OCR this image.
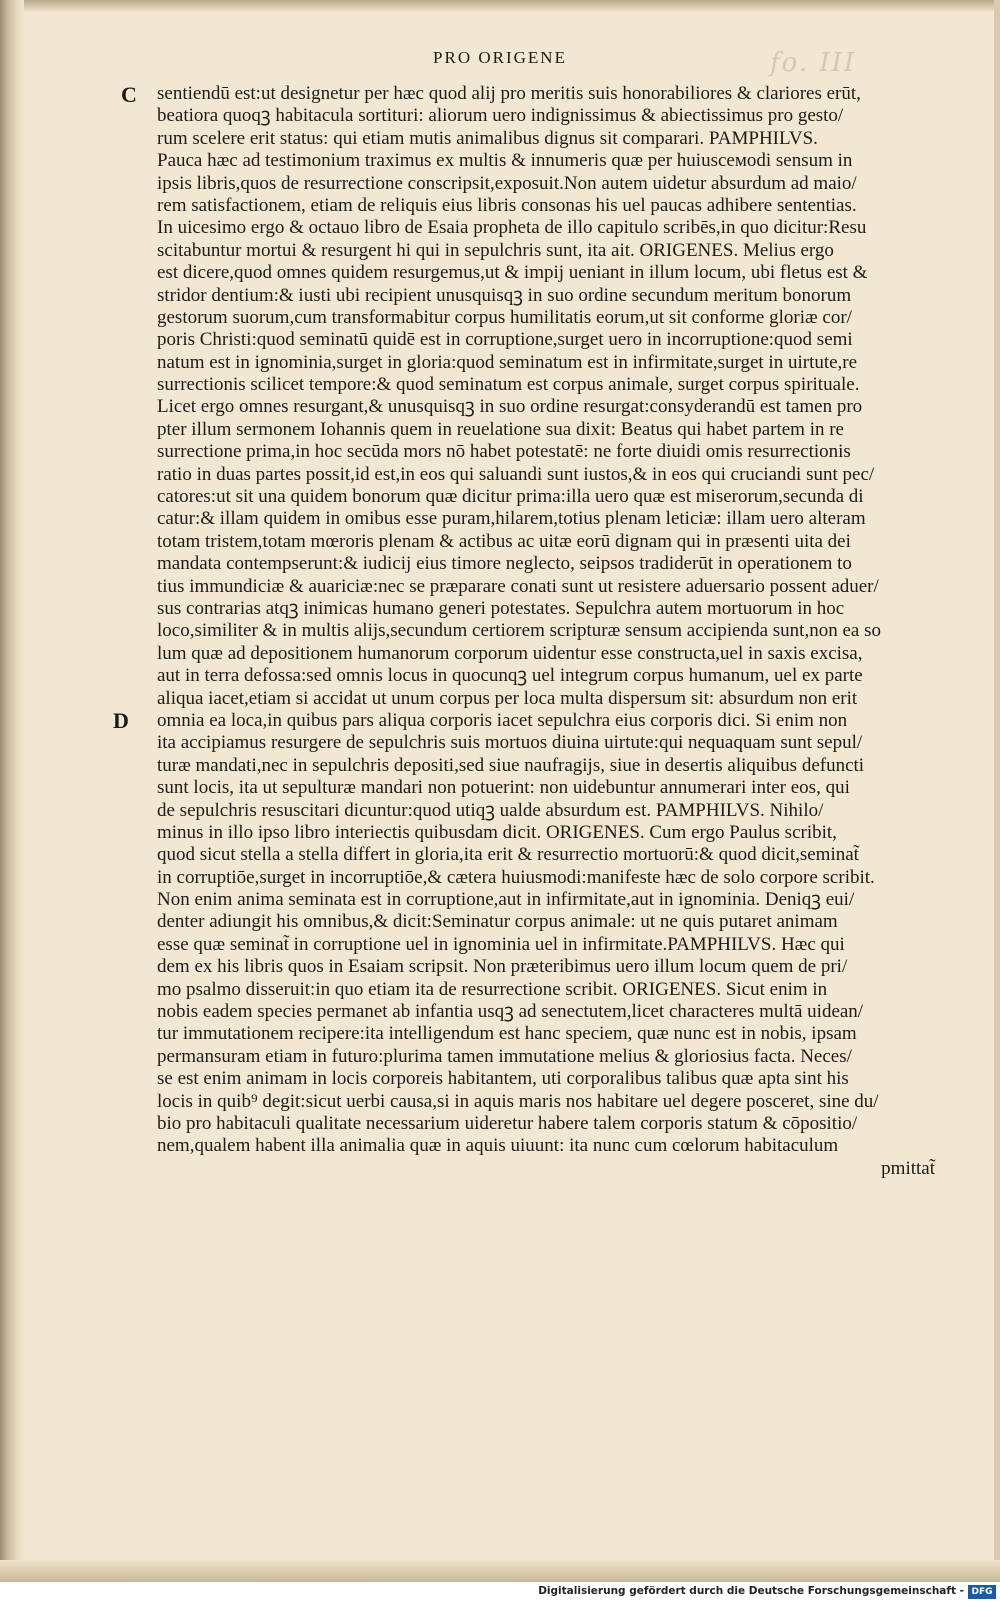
fo. III
PRO ORIGENE
C
D
sentiendū est:ut designetur per hæc quod alij pro meritis suis honorabiliores & clariores erūt,
beatiora quoqꝫ habitacula sortituri: aliorum uero indignissimus & abiectissimus pro gesto/
rum scelere erit status: qui etiam mutis animalibus dignus sit comparari. PAMPHILVS.
Pauca hæc ad testimonium traximus ex multis & innumeris quæ per huiusceмodi sensum in
ipsis libris,quos de resurrectione conscripsit,exposuit.Non autem uidetur absurdum ad maio/
rem satisfactionem, etiam de reliquis eius libris consonas his uel paucas adhibere sententias.
In uicesimo ergo & octauo libro de Esaia propheta de illo capitulo scribēs,in quo dicitur:Resu
scitabuntur mortui & resurgent hi qui in sepulchris sunt, ita ait. ORIGENES. Melius ergo
est dicere,quod omnes quidem resurgemus,ut & impij ueniant in illum locum, ubi fletus est &
stridor dentium:& iusti ubi recipient unusquisqꝫ in suo ordine secundum meritum bonorum
gestorum suorum,cum transformabitur corpus humilitatis eorum,ut sit conforme gloriæ cor/
poris Christi:quod seminatū quidē est in corruptione,surget uero in incorruptione:quod semi
natum est in ignominia,surget in gloria:quod seminatum est in infirmitate,surget in uirtute,re
surrectionis scilicet tempore:& quod seminatum est corpus animale, surget corpus spirituale.
Licet ergo omnes resurgant,& unusquisqꝫ in suo ordine resurgat:consyderandū est tamen pro
pter illum sermonem Iohannis quem in reuelatione sua dixit: Beatus qui habet partem in re
surrectione prima,in hoc secūda mors nō habet potestatē: ne forte diuidi omis resurrectionis
ratio in duas partes possit,id est,in eos qui saluandi sunt iustos,& in eos qui cruciandi sunt pec/
catores:ut sit una quidem bonorum quæ dicitur prima:illa uero quæ est miserorum,secunda di
catur:& illam quidem in omibus esse puram,hilarem,totius plenam leticiæ: illam uero alteram
totam tristem,totam mœroris plenam & actibus ac uitæ eorū dignam qui in præsenti uita dei
mandata contempserunt:& iudicij eius timore neglecto, seipsos tradiderūt in operationem to
tius immundiciæ & auariciæ:nec se præparare conati sunt ut resistere aduersario possent aduer/
sus contrarias atqꝫ inimicas humano generi potestates. Sepulchra autem mortuorum in hoc
loco,similiter & in multis alijs,secundum certiorem scripturæ sensum accipienda sunt,non ea so
lum quæ ad depositionem humanorum corporum uidentur esse constructa,uel in saxis excisa,
aut in terra defossa:sed omnis locus in quocunqꝫ uel integrum corpus humanum, uel ex parte
aliqua iacet,etiam si accidat ut unum corpus per loca multa dispersum sit: absurdum non erit
omnia ea loca,in quibus pars aliqua corporis iacet sepulchra eius corporis dici. Si enim non
ita accipiamus resurgere de sepulchris suis mortuos diuina uirtute:qui nequaquam sunt sepul/
turæ mandati,nec in sepulchris depositi,sed siue naufragijs, siue in desertis aliquibus defuncti
sunt locis, ita ut sepulturæ mandari non potuerint: non uidebuntur annumerari inter eos, qui
de sepulchris resuscitari dicuntur:quod utiqꝫ ualde absurdum est. PAMPHILVS. Nihilo/
minus in illo ipso libro interiectis quibusdam dicit. ORIGENES. Cum ergo Paulus scribit,
quod sicut stella a stella differt in gloria,ita erit & resurrectio mortuorū:& quod dicit,seminat̃
in corruptiōe,surget in incorruptiōe,& cætera huiusmodi:manifeste hæc de solo corpore scribit.
Non enim anima seminata est in corruptione,aut in infirmitate,aut in ignominia. Deniqꝫ eui/
denter adiungit his omnibus,& dicit:Seminatur corpus animale: ut ne quis putaret animam
esse quæ seminat̃ in corruptione uel in ignominia uel in infirmitate.PAMPHILVS. Hæc qui
dem ex his libris quos in Esaiam scripsit. Non præteribimus uero illum locum quem de pri/
mo psalmo disseruit:in quo etiam ita de resurrectione scribit. ORIGENES. Sicut enim in
nobis eadem species permanet ab infantia usqꝫ ad senectutem,licet characteres multā uidean/
tur immutationem recipere:ita intelligendum est hanc speciem, quæ nunc est in nobis, ipsam
permansuram etiam in futuro:plurima tamen immutatione melius & gloriosius facta. Neces/
se est enim animam in locis corporeis habitantem, uti corporalibus talibus quæ apta sint his
locis in quib⁹ degit:sicut uerbi causa,si in aquis maris nos habitare uel degere posceret, sine du/
bio pro habitaculi qualitate necessarium uideretur habere talem corporis statum & cōpositio/
nem,qualem habent illa animalia quæ in aquis uiuunt: ita nunc cum cœlorum habitaculum
pmittat̃
Digitalisierung gefördert durch die Deutsche Forschungsgemeinschaft - DFG
